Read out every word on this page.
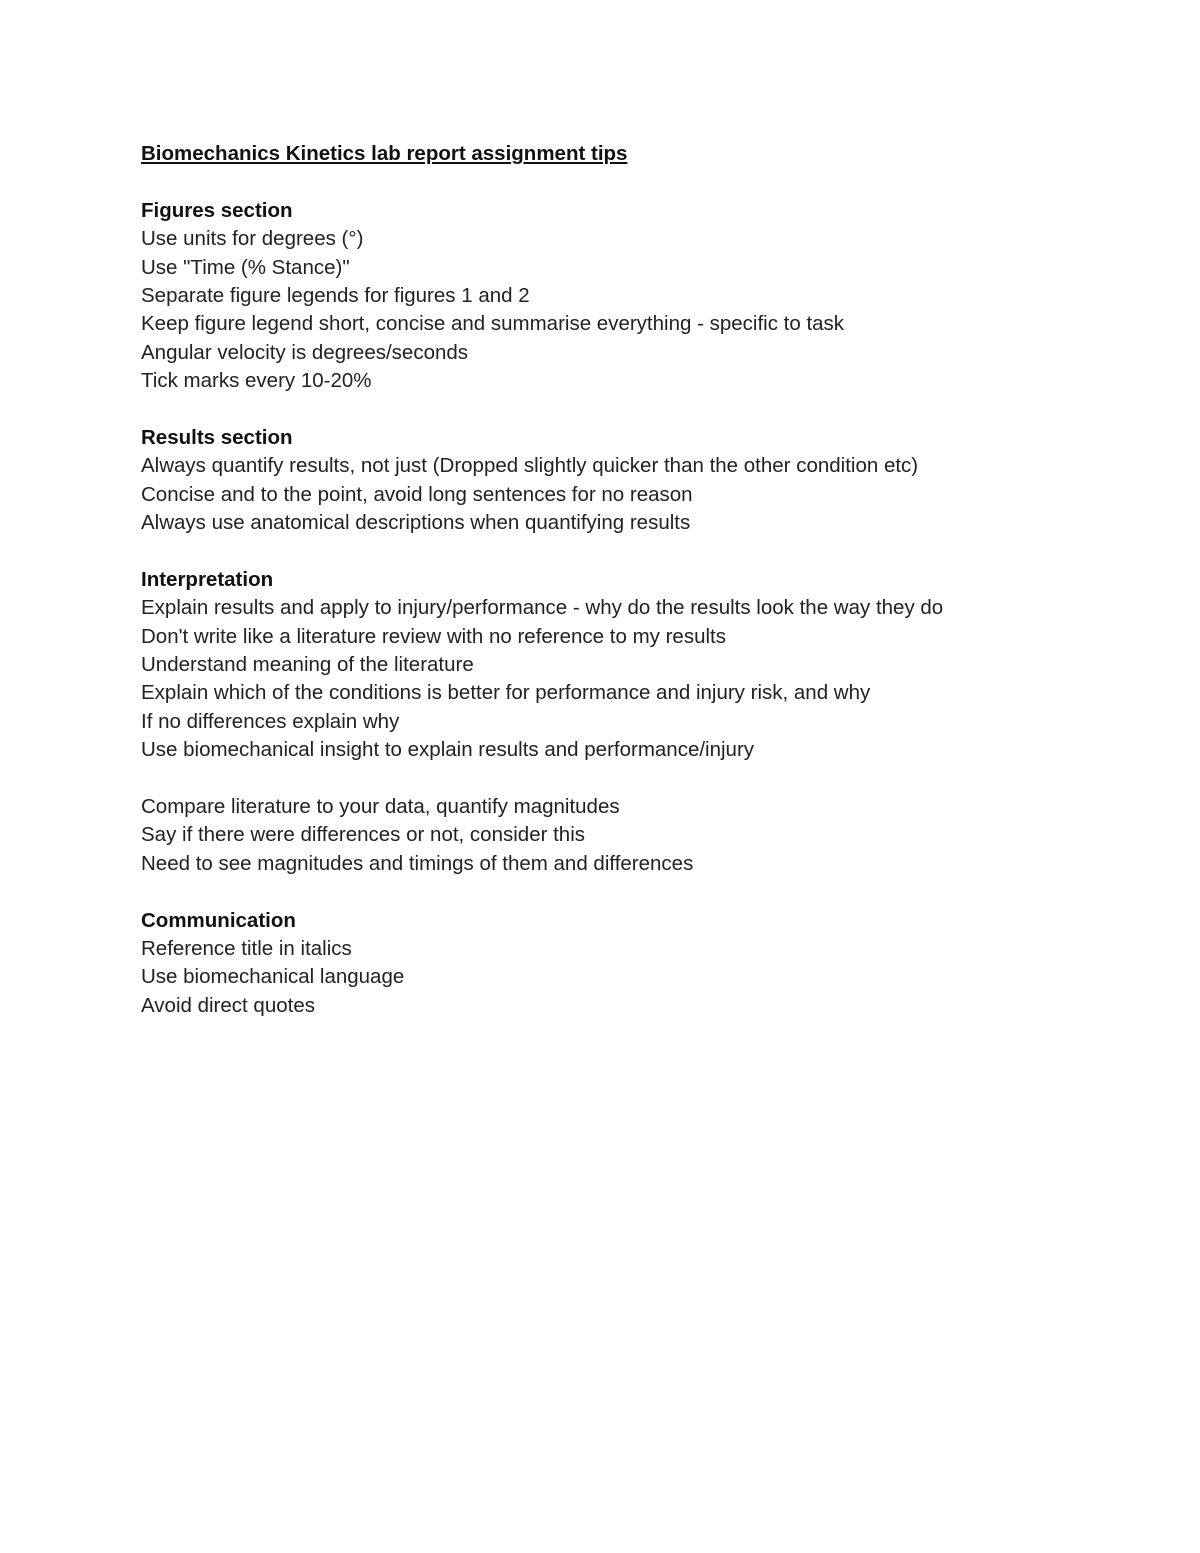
Biomechanics Kinetics lab report assignment tips
Figures section
Use units for degrees (°)
Use "Time (% Stance)"
Separate figure legends for figures 1 and 2
Keep figure legend short, concise and summarise everything - specific to task
Angular velocity is degrees/seconds
Tick marks every 10-20%
Results section
Always quantify results, not just (Dropped slightly quicker than the other condition etc)
Concise and to the point, avoid long sentences for no reason
Always use anatomical descriptions when quantifying results
Interpretation
Explain results and apply to injury/performance - why do the results look the way they do
Don't write like a literature review with no reference to my results
Understand meaning of the literature
Explain which of the conditions is better for performance and injury risk, and why
If no differences explain why
Use biomechanical insight to explain results and performance/injury
Compare literature to your data, quantify magnitudes
Say if there were differences or not, consider this
Need to see magnitudes and timings of them and differences
Communication
Reference title in italics
Use biomechanical language
Avoid direct quotes
